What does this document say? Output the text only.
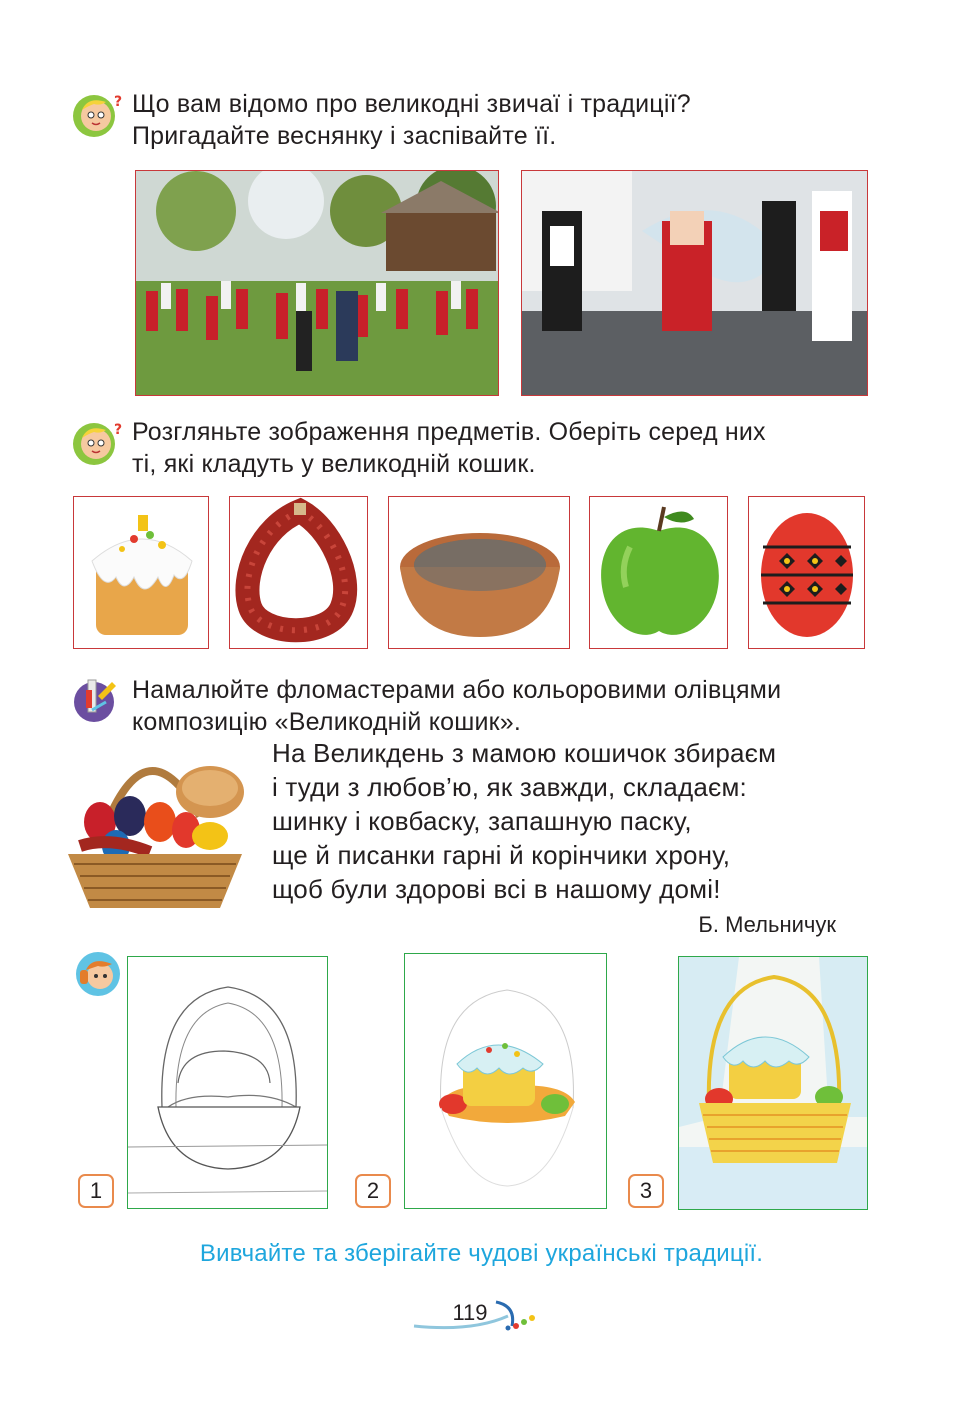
? Що вам відомо про великодні звичаї і традиції?
Пригадайте веснянку і заспівайте її.
? Розгляньте зображення предметів. Оберіть серед них
ті, які кладуть у великодній кошик.
Намалюйте фломастерами або кольоровими олівцями
композицію «Великодній кошик».
На Великдень з мамою кошичок збираєм
і туди з любов’ю, як завжди, складаєм:
шинку і ковбаску, запашную паску,
ще й писанки гарні й корінчики хрону,
щоб були здорові всі в нашому домі!
Б. Мельничук
1	2	3
Вивчайте та зберігайте чудові українські традиції.
119
